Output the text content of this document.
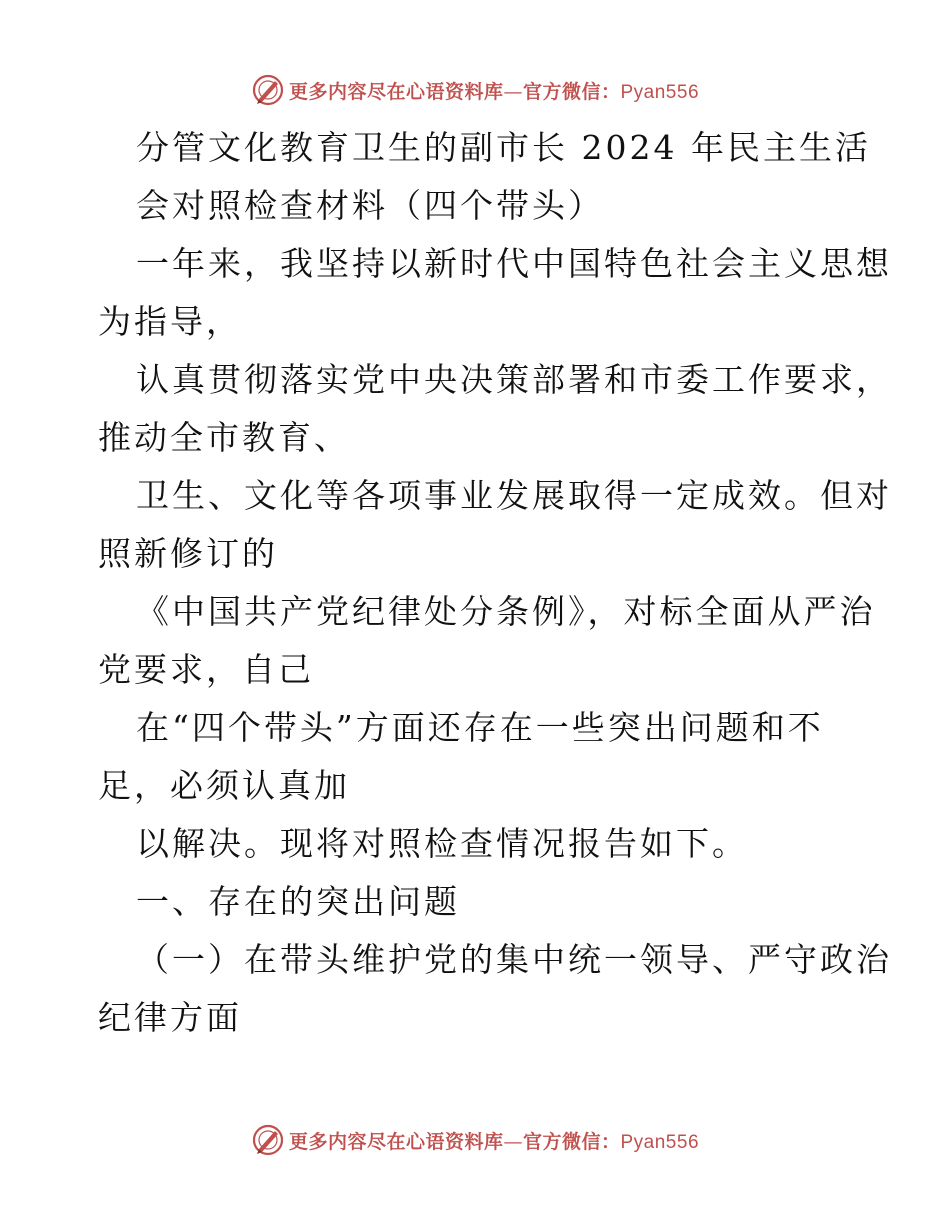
更多内容尽在心语资料库—官方微信：Pyan556
分管文化教育卫生的副市长 2024 年民主生活
会对照检查材料（四个带头）
一年来，我坚持以新时代中国特色社会主义思想
为指导，
认真贯彻落实党中央决策部署和市委工作要求，
推动全市教育、
卫生、文化等各项事业发展取得一定成效。但对
照新修订的
《中国共产党纪律处分条例》，对标全面从严治
党要求，自己
在“四个带头”方面还存在一些突出问题和不
足，必须认真加
以解决。现将对照检查情况报告如下。
一、存在的突出问题
（一）在带头维护党的集中统一领导、严守政治
纪律方面
更多内容尽在心语资料库—官方微信：Pyan556
